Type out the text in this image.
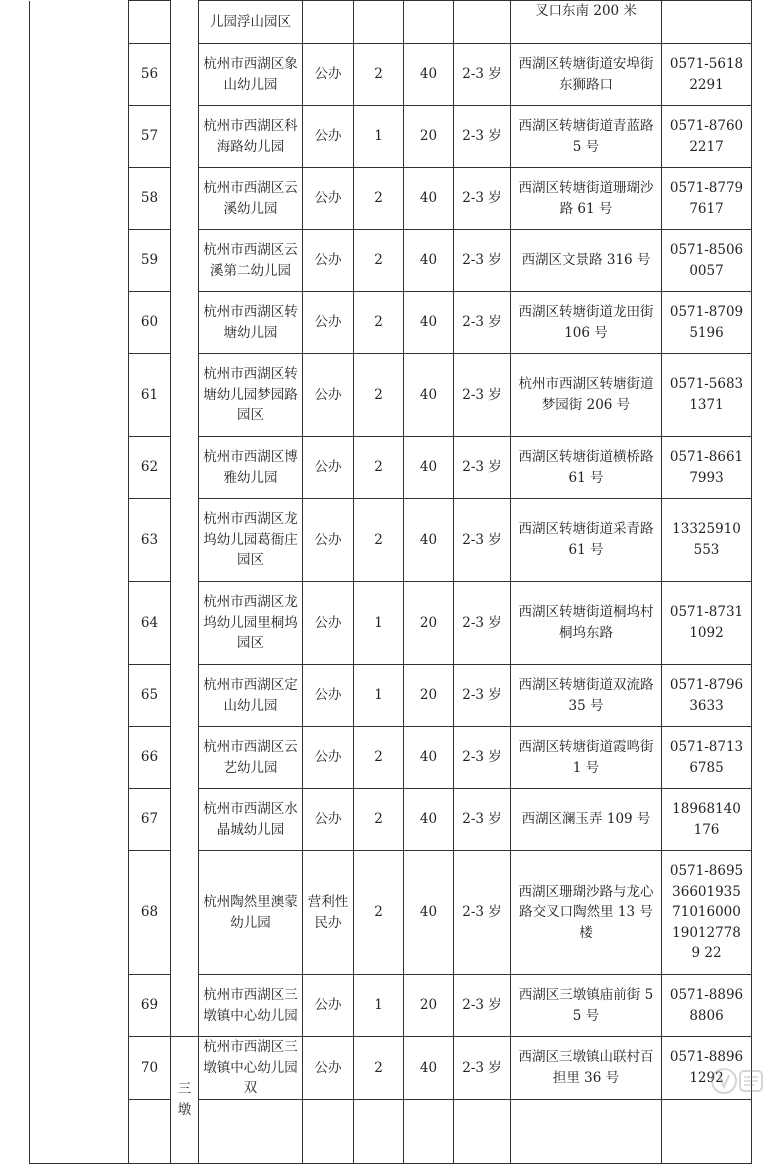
			儿园浮山园区					叉口东南 200 米	
	56		杭州市西湖区象山幼儿园	公办	2	40	2-3 岁	西湖区转塘街道安埠街东狮路口	0571-56182291
	57		杭州市西湖区科海路幼儿园	公办	1	20	2-3 岁	西湖区转塘街道青蓝路 5 号	0571-87602217
	58		杭州市西湖区云溪幼儿园	公办	2	40	2-3 岁	西湖区转塘街道珊瑚沙路 61 号	0571-87797617
	59		杭州市西湖区云溪第二幼儿园	公办	2	40	2-3 岁	西湖区文景路 316 号	0571-85060057
	60		杭州市西湖区转塘幼儿园	公办	2	40	2-3 岁	西湖区转塘街道龙田街 106 号	0571-87095196
	61		杭州市西湖区转塘幼儿园梦园路园区	公办	2	40	2-3 岁	杭州市西湖区转塘街道梦园街 206 号	0571-56831371
	62		杭州市西湖区博雅幼儿园	公办	2	40	2-3 岁	西湖区转塘街道横桥路 61 号	0571-86617993
	63		杭州市西湖区龙坞幼儿园葛衙庄园区	公办	2	40	2-3 岁	西湖区转塘街道采青路 61 号	13325910553
	64		杭州市西湖区龙坞幼儿园里桐坞园区	公办	1	20	2-3 岁	西湖区转塘街道桐坞村桐坞东路	0571-87311092
	65		杭州市西湖区定山幼儿园	公办	1	20	2-3 岁	西湖区转塘街道双流路 35 号	0571-87963633
	66		杭州市西湖区云艺幼儿园	公办	2	40	2-3 岁	西湖区转塘街道霞鸣街 1 号	0571-87136785
	67		杭州市西湖区水晶城幼儿园	公办	2	40	2-3 岁	西湖区澜玉弄 109 号	18968140176
	68		杭州陶然里澳蒙幼儿园	营利性民办	2	40	2-3 岁	西湖区珊瑚沙路与龙心路交叉口陶然里 13 号楼	0571-86953660193571016000190127789 22
	69		杭州市西湖区三墩镇中心幼儿园	公办	1	20	2-3 岁	西湖区三墩镇庙前街 55 号	0571-88968806
	70	三墩	杭州市西湖区三墩镇中心幼儿园双	公办	2	40	2-3 岁	西湖区三墩镇山联村百担里 36 号	0571-88961292
